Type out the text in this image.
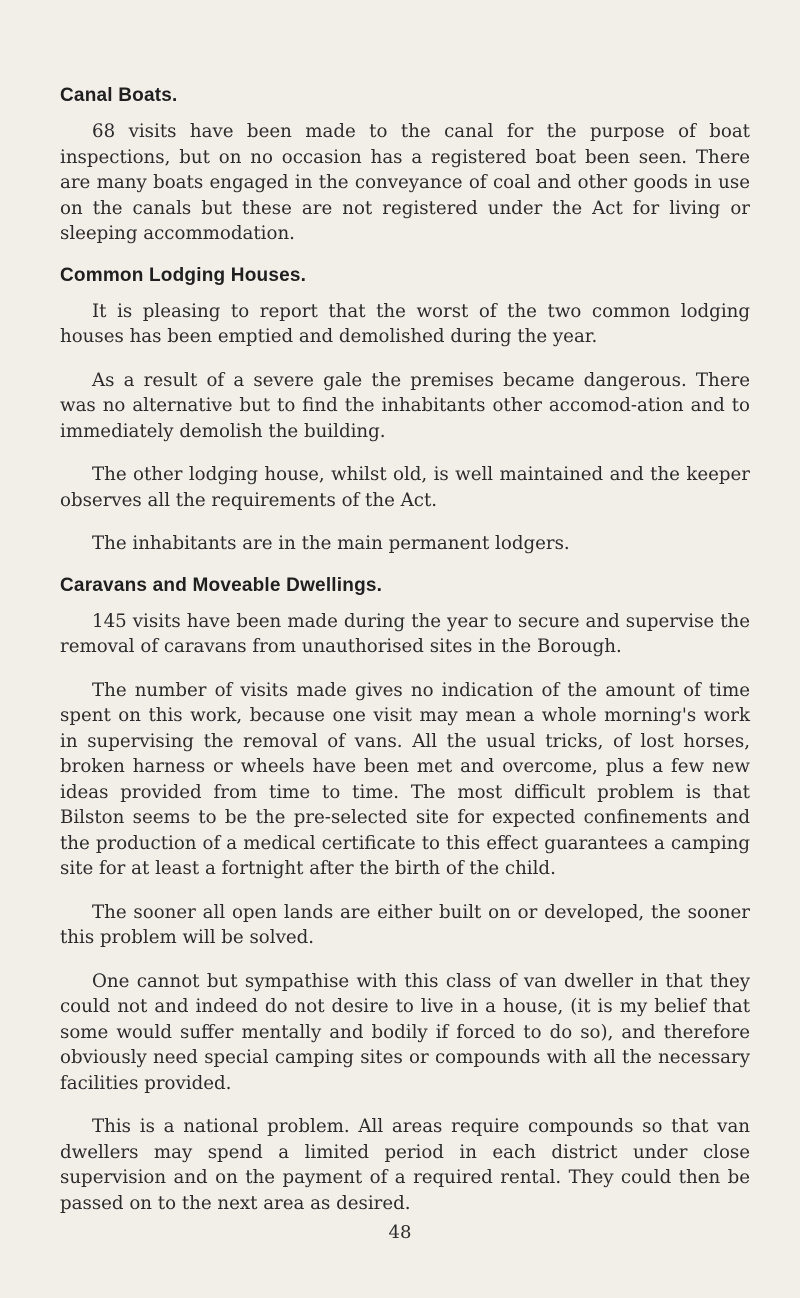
Canal Boats.

68 visits have been made to the canal for the purpose of boat inspections, but on no occasion has a registered boat been seen. There are many boats engaged in the conveyance of coal and other goods in use on the canals but these are not registered under the Act for living or sleeping accommodation.

Common Lodging Houses.

It is pleasing to report that the worst of the two common lodging houses has been emptied and demolished during the year.

As a result of a severe gale the premises became dangerous. There was no alternative but to find the inhabitants other accomod-ation and to immediately demolish the building.

The other lodging house, whilst old, is well maintained and the keeper observes all the requirements of the Act.

The inhabitants are in the main permanent lodgers.

Caravans and Moveable Dwellings.

145 visits have been made during the year to secure and supervise the removal of caravans from unauthorised sites in the Borough.

The number of visits made gives no indication of the amount of time spent on this work, because one visit may mean a whole morning's work in supervising the removal of vans. All the usual tricks, of lost horses, broken harness or wheels have been met and overcome, plus a few new ideas provided from time to time. The most difficult problem is that Bilston seems to be the pre-selected site for expected confinements and the production of a medical certificate to this effect guarantees a camping site for at least a fortnight after the birth of the child.

The sooner all open lands are either built on or developed, the sooner this problem will be solved.

One cannot but sympathise with this class of van dweller in that they could not and indeed do not desire to live in a house, (it is my belief that some would suffer mentally and bodily if forced to do so), and therefore obviously need special camping sites or compounds with all the necessary facilities provided.

This is a national problem. All areas require compounds so that van dwellers may spend a limited period in each district under close supervision and on the payment of a required rental. They could then be passed on to the next area as desired.

48
